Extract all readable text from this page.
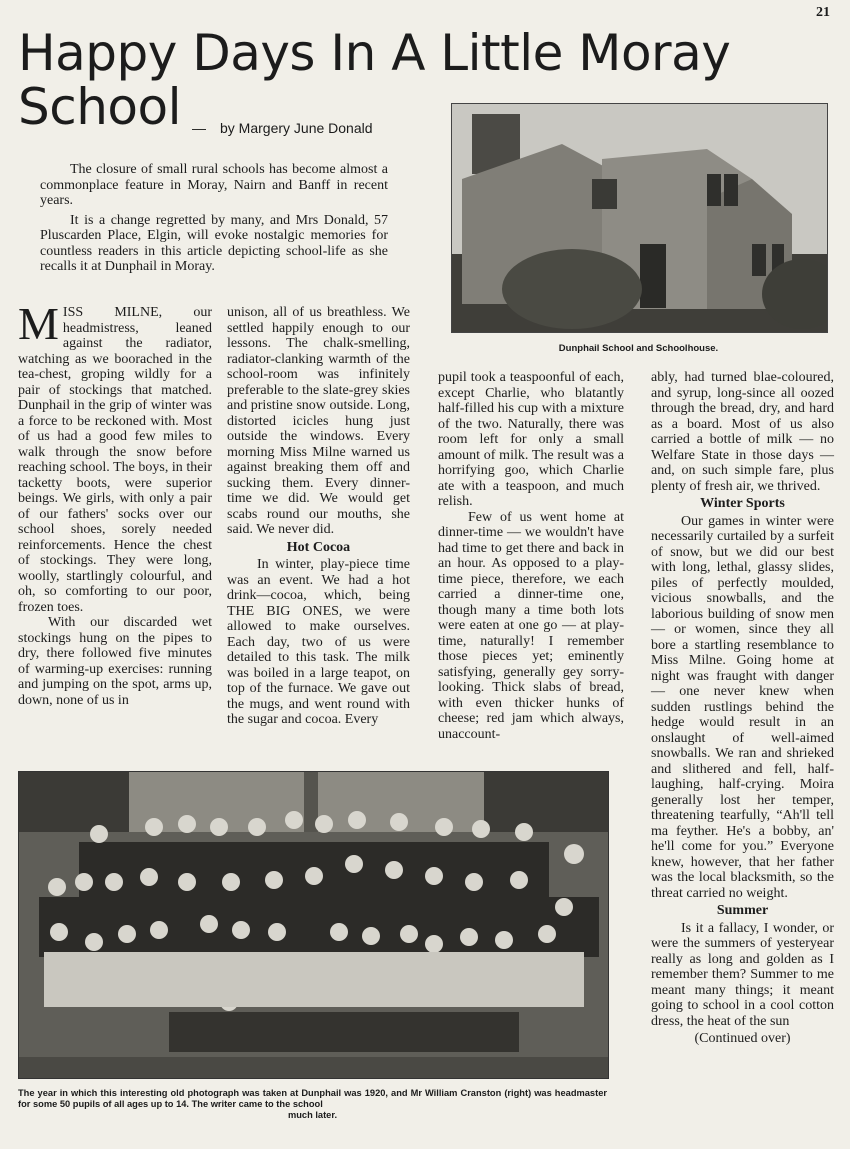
21
Happy Days In A Little Moray
School — by Margery June Donald

The closure of small rural schools has become almost a commonplace feature in Moray, Nairn and Banff in recent years.

It is a change regretted by many, and Mrs Donald, 57 Pluscarden Place, Elgin, will evoke nostalgic memories for countless readers in this article depicting school-life as she recalls it at Dunphail in Moray.

Dunphail School and Schoolhouse.

MISS MILNE, our headmistress, leaned against the radiator, watching as we boorached in the tea-chest, groping wildly for a pair of stockings that matched. Dunphail in the grip of winter was a force to be reckoned with. Most of us had a good few miles to walk through the snow before reaching school. The boys, in their tacketty boots, were superior beings. We girls, with only a pair of our fathers' socks over our school shoes, sorely needed reinforcements. Hence the chest of stockings. They were long, woolly, startlingly colourful, and oh, so comforting to our poor, frozen toes.

With our discarded wet stockings hung on the pipes to dry, there followed five minutes of warming-up exercises: running and jumping on the spot, arms up, down, none of us in

unison, all of us breathless. We settled happily enough to our lessons. The chalk-smelling, radiator-clanking warmth of the school-room was infinitely preferable to the slate-grey skies and pristine snow outside. Long, distorted icicles hung just outside the windows. Every morning Miss Milne warned us against breaking them off and sucking them. Every dinner-time we did. We would get scabs round our mouths, she said. We never did.

Hot Cocoa

In winter, play-piece time was an event. We had a hot drink—cocoa, which, being THE BIG ONES, we were allowed to make ourselves. Each day, two of us were detailed to this task. The milk was boiled in a large teapot, on top of the furnace. We gave out the mugs, and went round with the sugar and cocoa. Every

pupil took a teaspoonful of each, except Charlie, who blatantly half-filled his cup with a mixture of the two. Naturally, there was room left for only a small amount of milk. The result was a horrifying goo, which Charlie ate with a teaspoon, and much relish.

Few of us went home at dinner-time — we wouldn't have had time to get there and back in an hour. As opposed to a play-time piece, therefore, we each carried a dinner-time one, though many a time both lots were eaten at one go — at play-time, naturally! I remember those pieces yet; eminently satisfying, generally gey sorry-looking. Thick slabs of bread, with even thicker hunks of cheese; red jam which always, unaccount-

ably, had turned blae-coloured, and syrup, long-since all oozed through the bread, dry, and hard as a board. Most of us also carried a bottle of milk — no Welfare State in those days —and, on such simple fare, plus plenty of fresh air, we thrived.

Winter Sports

Our games in winter were necessarily curtailed by a surfeit of snow, but we did our best with long, lethal, glassy slides, piles of perfectly moulded, vicious snowballs, and the laborious building of snow men — or women, since they all bore a startling resemblance to Miss Milne. Going home at night was fraught with danger — one never knew when sudden rustlings behind the hedge would result in an onslaught of well-aimed snowballs. We ran and shrieked and slithered and fell, half-laughing, half-crying. Moira generally lost her temper, threatening tearfully, “Ah'll tell ma feyther. He's a bobby, an' he'll come for you.” Everyone knew, however, that her father was the local blacksmith, so the threat carried no weight.

Summer

Is it a fallacy, I wonder, or were the summers of yesteryear really as long and golden as I remember them? Summer to me meant many things; it meant going to school in a cool cotton dress, the heat of the sun

(Continued over)

The year in which this interesting old photograph was taken at Dunphail was 1920, and Mr William Cranston (right) was headmaster for some 50 pupils of all ages up to 14. The writer came to the school
much later.
